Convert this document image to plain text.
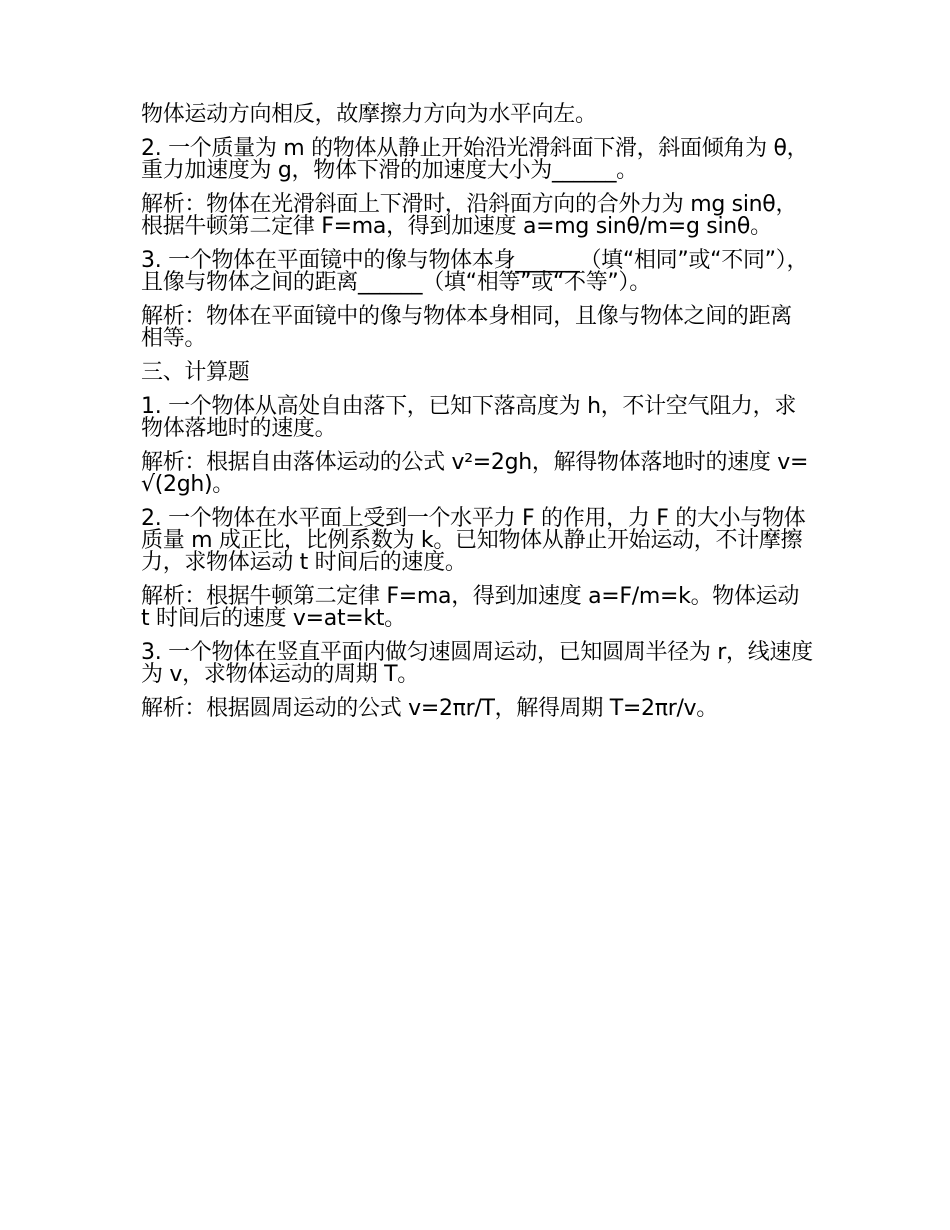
物体运动方向相反，故摩擦力方向为水平向左。

2. 一个质量为 m 的物体从静止开始沿光滑斜面下滑，斜面倾角为 θ，重力加速度为 g，物体下滑的加速度大小为______。

解析：物体在光滑斜面上下滑时，沿斜面方向的合外力为 mg sinθ，根据牛顿第二定律 F=ma，得到加速度 a=mg sinθ/m=g sinθ。

3. 一个物体在平面镜中的像与物体本身______（填“相同”或“不同”），且像与物体之间的距离______（填“相等”或“不等”）。

解析：物体在平面镜中的像与物体本身相同，且像与物体之间的距离相等。

三、计算题

1. 一个物体从高处自由落下，已知下落高度为 h，不计空气阻力，求物体落地时的速度。

解析：根据自由落体运动的公式 v²=2gh，解得物体落地时的速度 v=√(2gh)。

2. 一个物体在水平面上受到一个水平力 F 的作用，力 F 的大小与物体质量 m 成正比，比例系数为 k。已知物体从静止开始运动，不计摩擦力，求物体运动 t 时间后的速度。

解析：根据牛顿第二定律 F=ma，得到加速度 a=F/m=k。物体运动 t 时间后的速度 v=at=kt。

3. 一个物体在竖直平面内做匀速圆周运动，已知圆周半径为 r，线速度为 v，求物体运动的周期 T。

解析：根据圆周运动的公式 v=2πr/T，解得周期 T=2πr/v。
